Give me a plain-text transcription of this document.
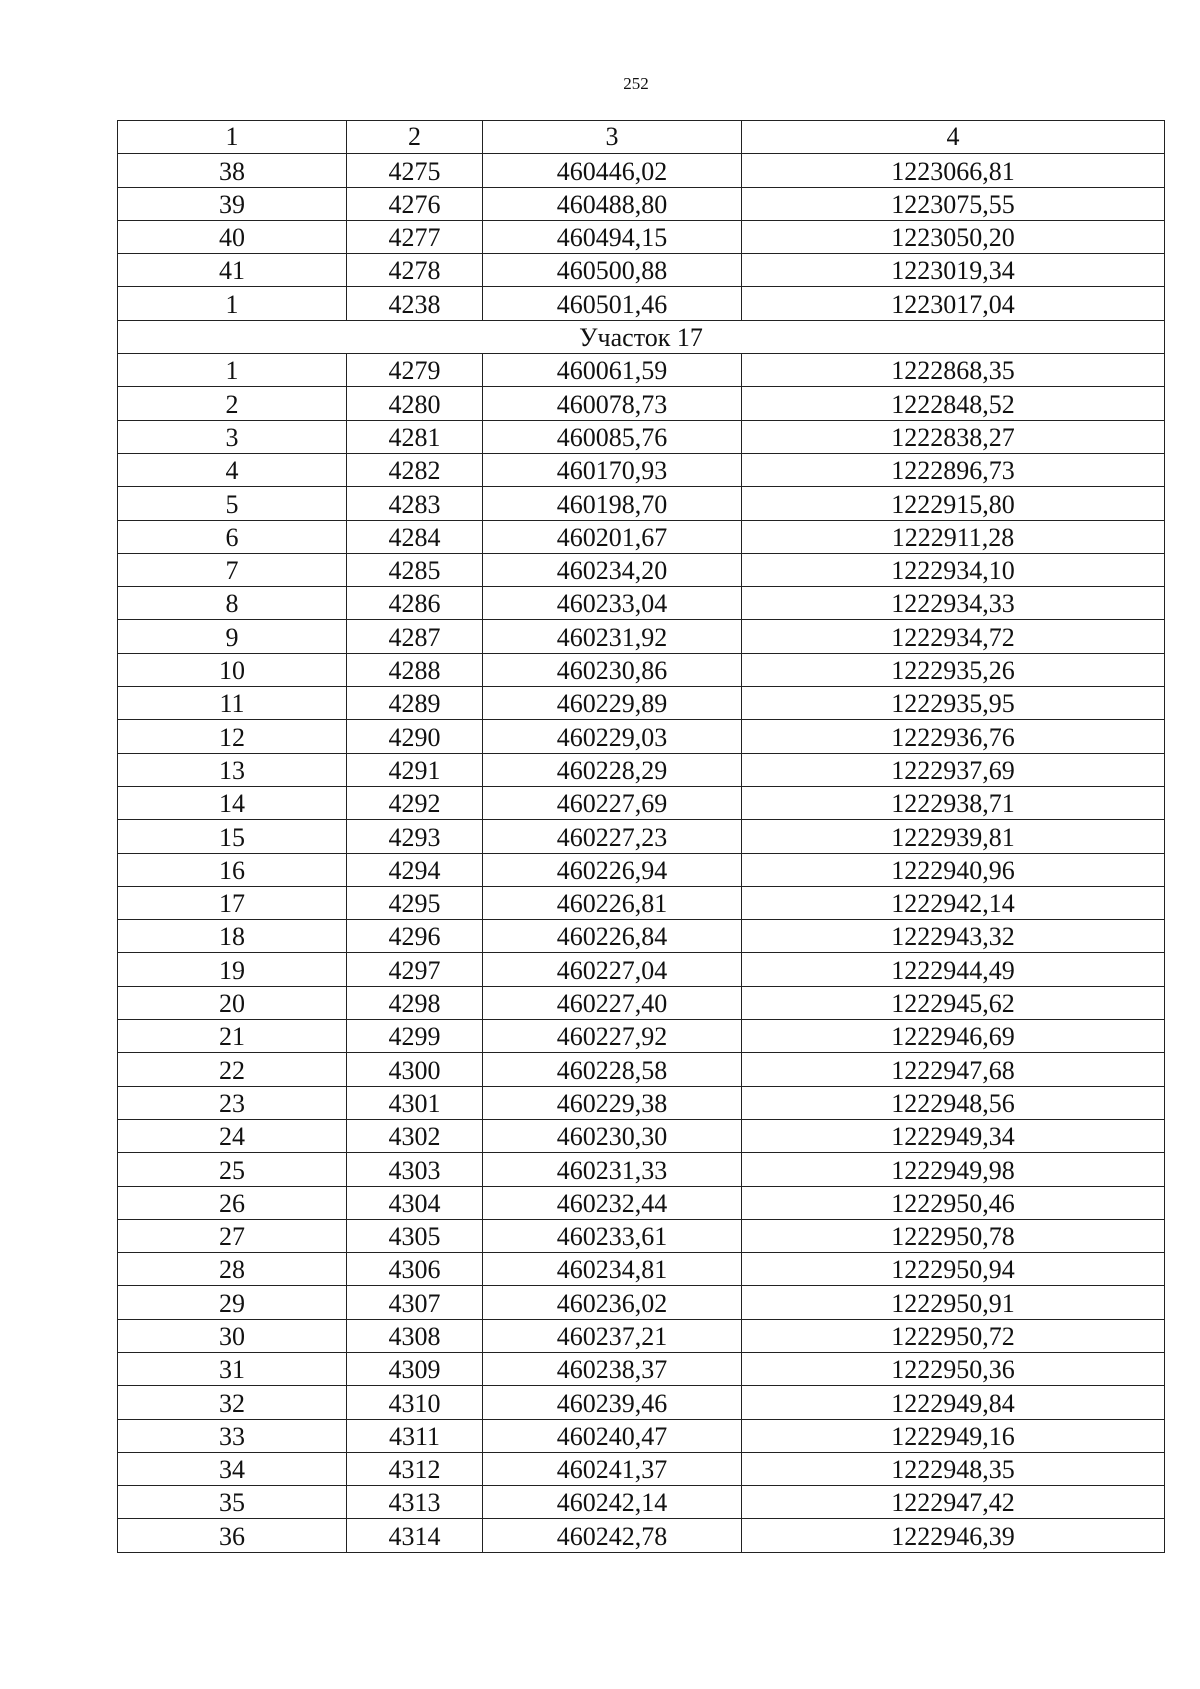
252
1	2	3	4
38	4275	460446,02	1223066,81
39	4276	460488,80	1223075,55
40	4277	460494,15	1223050,20
41	4278	460500,88	1223019,34
1	4238	460501,46	1223017,04
Участок 17			
1	4279	460061,59	1222868,35
2	4280	460078,73	1222848,52
3	4281	460085,76	1222838,27
4	4282	460170,93	1222896,73
5	4283	460198,70	1222915,80
6	4284	460201,67	1222911,28
7	4285	460234,20	1222934,10
8	4286	460233,04	1222934,33
9	4287	460231,92	1222934,72
10	4288	460230,86	1222935,26
11	4289	460229,89	1222935,95
12	4290	460229,03	1222936,76
13	4291	460228,29	1222937,69
14	4292	460227,69	1222938,71
15	4293	460227,23	1222939,81
16	4294	460226,94	1222940,96
17	4295	460226,81	1222942,14
18	4296	460226,84	1222943,32
19	4297	460227,04	1222944,49
20	4298	460227,40	1222945,62
21	4299	460227,92	1222946,69
22	4300	460228,58	1222947,68
23	4301	460229,38	1222948,56
24	4302	460230,30	1222949,34
25	4303	460231,33	1222949,98
26	4304	460232,44	1222950,46
27	4305	460233,61	1222950,78
28	4306	460234,81	1222950,94
29	4307	460236,02	1222950,91
30	4308	460237,21	1222950,72
31	4309	460238,37	1222950,36
32	4310	460239,46	1222949,84
33	4311	460240,47	1222949,16
34	4312	460241,37	1222948,35
35	4313	460242,14	1222947,42
36	4314	460242,78	1222946,39
